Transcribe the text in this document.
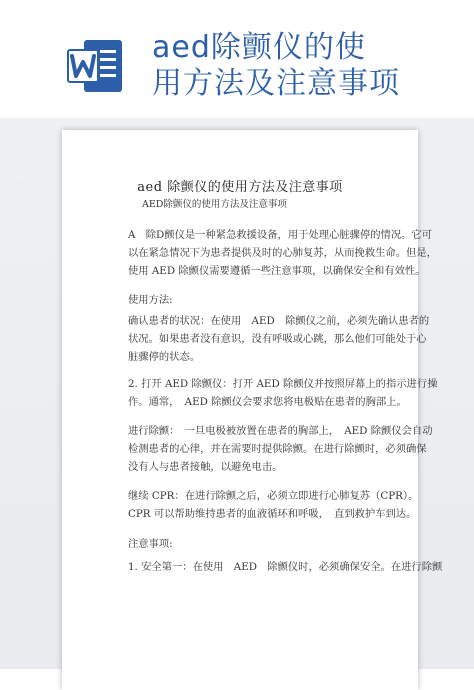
aed除颤仪的使
用方法及注意事项
......	aed 除颤仪的使用方法及注意事项
AED除颤仪的使用方法及注意事项
A　除D颤仪是一种紧急救援设备，用于处理心脏骤停的情况。它可
以在紧急情况下为患者提供及时的心肺复苏，从而挽救生命。但是，
使用 AED 除颤仪需要遵循一些注意事项，以确保安全和有效性。
使用方法:
确认患者的状况：在使用　AED　除颤仪之前，必须先确认患者的
状况。如果患者没有意识，没有呼吸或心跳，那么他们可能处于心
脏骤停的状态。
2. 打开 AED 除颤仪：打开 AED 除颤仪并按照屏幕上的指示进行操
作。通常，　AED 除颤仪会要求您将电极贴在患者的胸部上。
进行除颤：　一旦电极被放置在患者的胸部上，　AED 除颤仪会自动
检测患者的心律，并在需要时提供除颤。在进行除颤时，必须确保
没有人与患者接触，以避免电击。
继续 CPR：在进行除颤之后，必须立即进行心肺复苏（CPR）。
CPR 可以帮助维持患者的血液循环和呼吸，　直到救护车到达。
注意事项:
1. 安全第一：在使用　AED　除颤仪时，必须确保安全。在进行除颤
